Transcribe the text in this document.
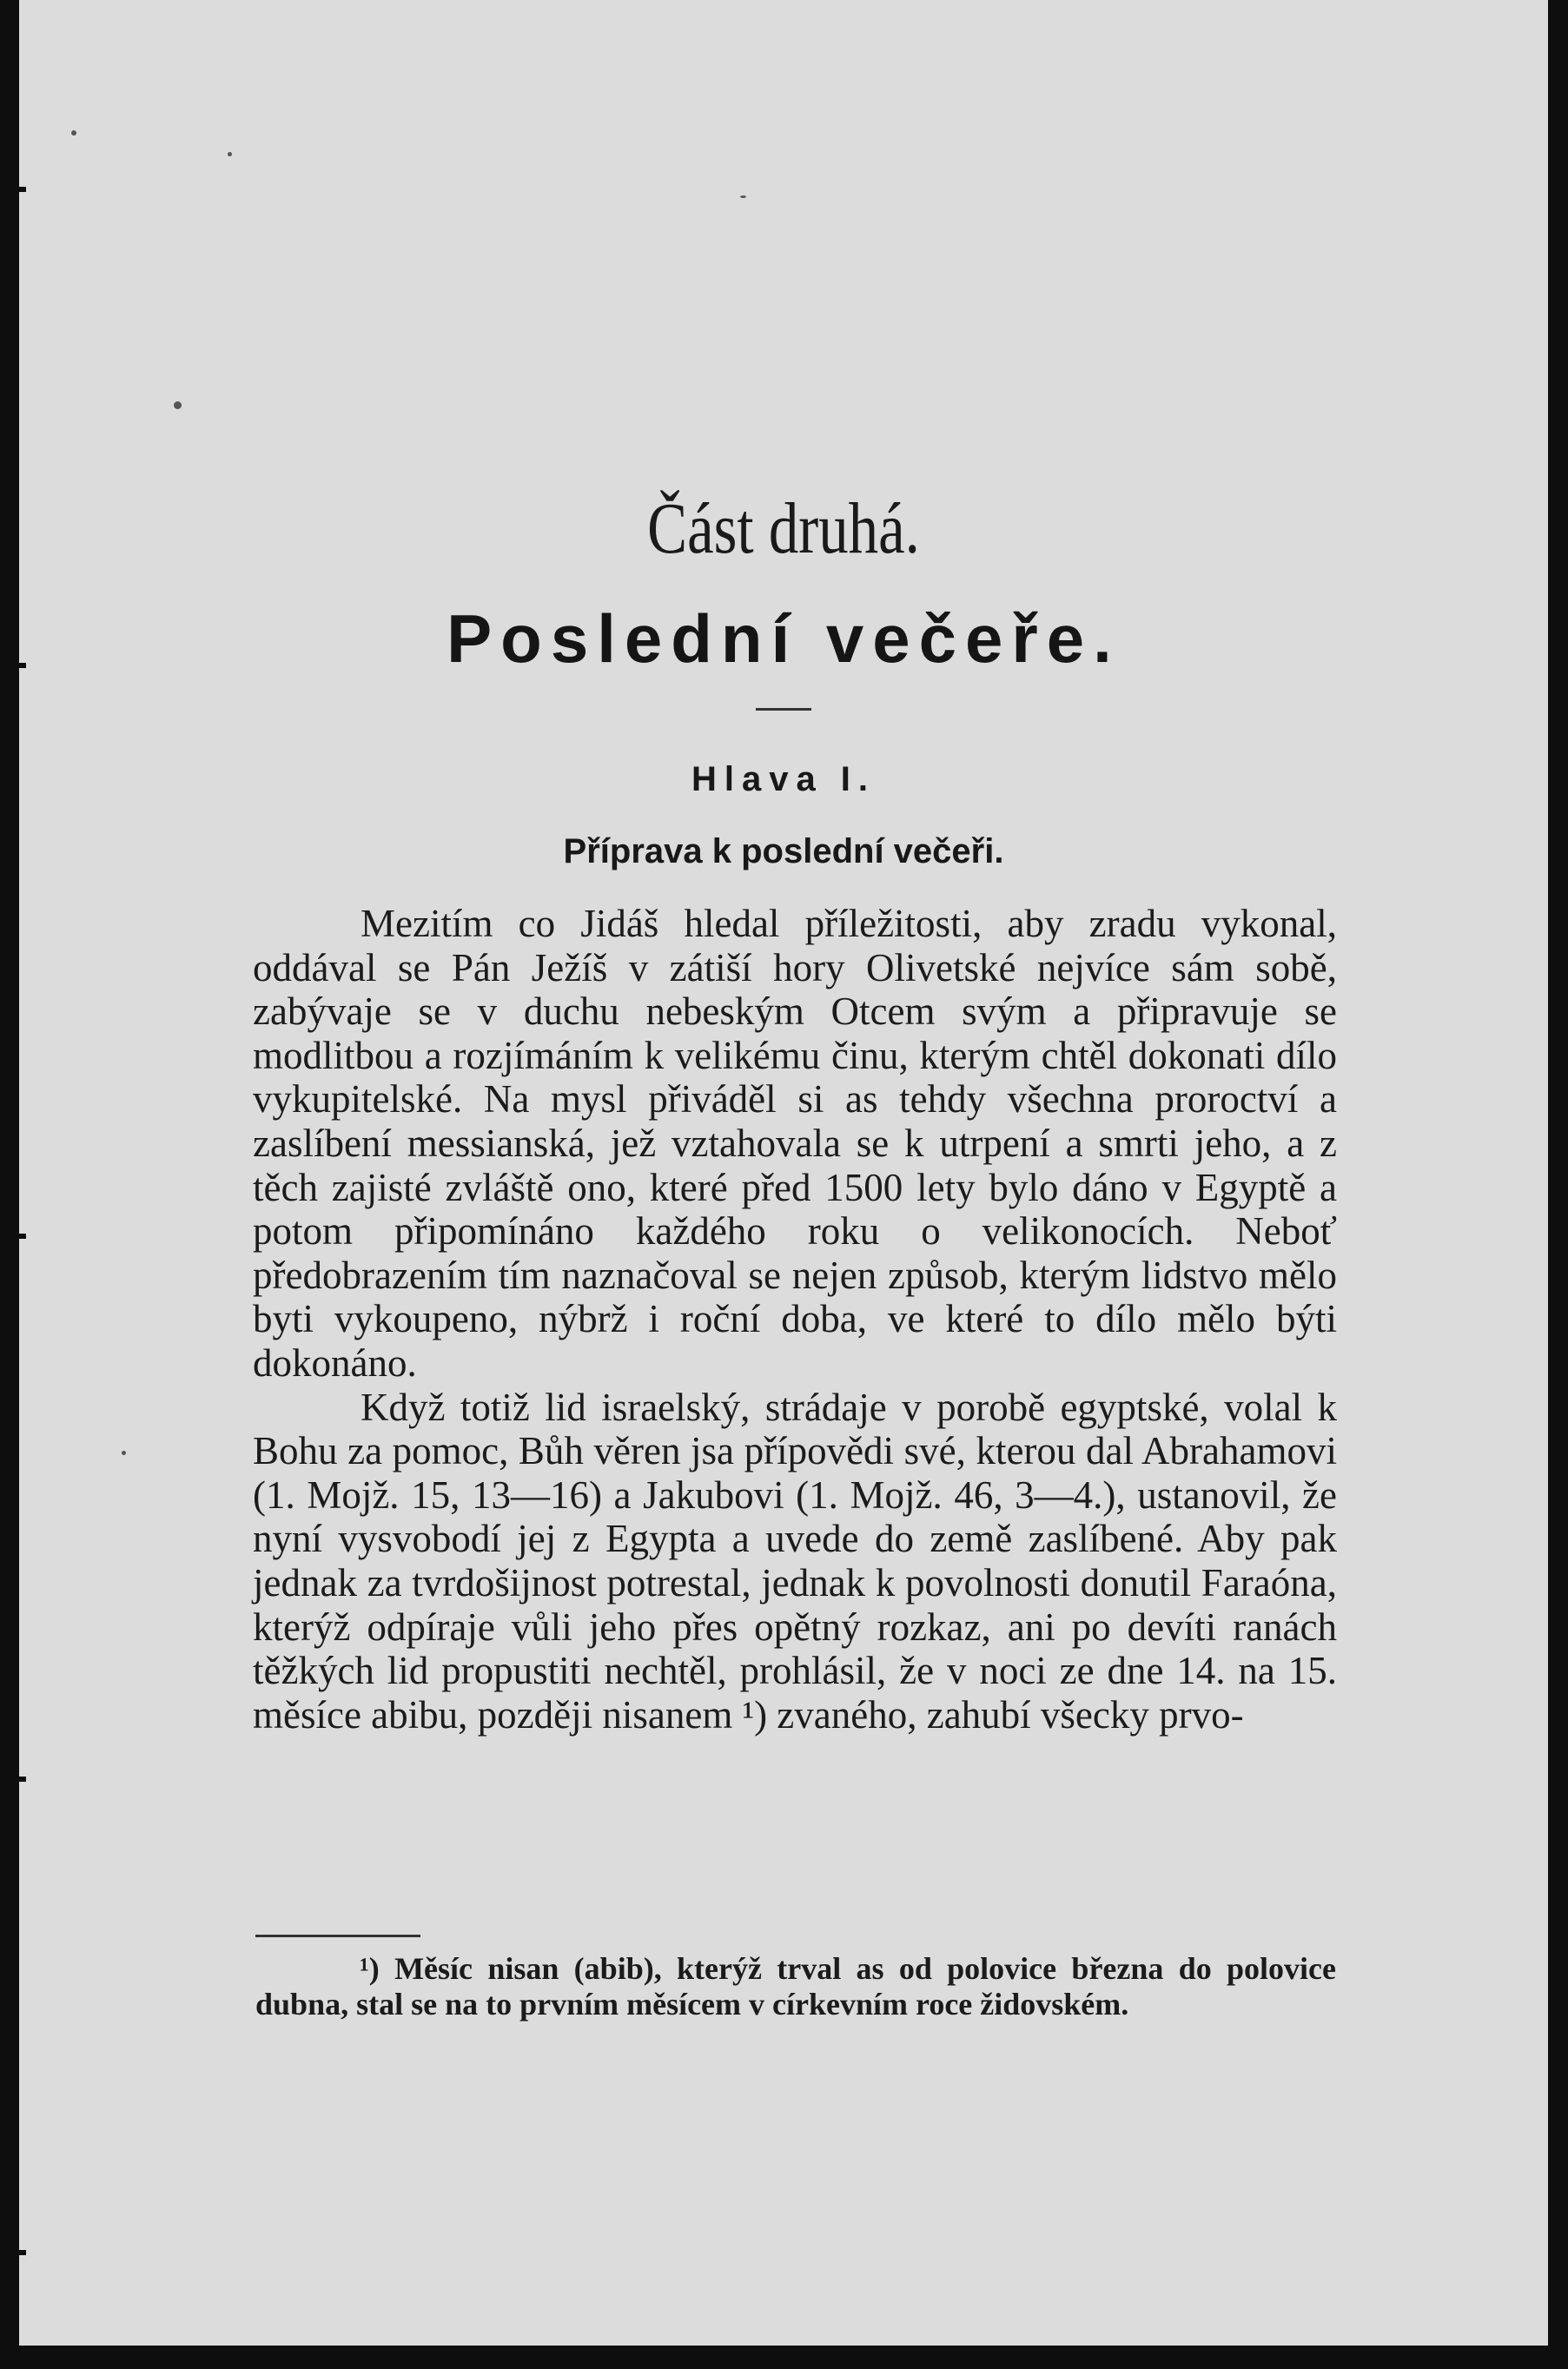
Část druhá.
Poslední večeře.
Hlava I.
Příprava k poslední večeři.

Mezitím co Jidáš hledal příležitosti, aby zradu vykonal, oddával se Pán Ježíš v zátiší hory Olivetské nejvíce sám sobě, zabývaje se v duchu nebeským Otcem svým a připravuje se modlitbou a rozjímáním k velikému činu, kterým chtěl dokonati dílo vykupitelské. Na mysl přiváděl si as tehdy všechna proroctví a zaslíbení messianská, jež vztahovala se k utrpení a smrti jeho, a z těch zajisté zvláště ono, které před 1500 lety bylo dáno v Egyptě a potom připomínáno každého roku o velikonocích. Neboť předobrazením tím naznačoval se nejen způsob, kterým lidstvo mělo byti vykoupeno, nýbrž i roční doba, ve které to dílo mělo býti dokonáno.

Když totiž lid israelský, strádaje v porobě egyptské, volal k Bohu za pomoc, Bůh věren jsa přípovědi své, kterou dal Abrahamovi (1. Mojž. 15, 13—16) a Jakubovi (1. Mojž. 46, 3—4.), ustanovil, že nyní vysvobodí jej z Egypta a uvede do země zaslíbené. Aby pak jednak za tvrdošijnost potrestal, jednak k povolnosti donutil Faraóna, kterýž odpíraje vůli jeho přes opětný rozkaz, ani po devíti ranách těžkých lid propustiti nechtěl, prohlásil, že v noci ze dne 14. na 15. měsíce abibu, později nisanem ¹) zvaného, zahubí všecky prvo-

¹) Měsíc nisan (abib), kterýž trval as od polovice března do polovice dubna, stal se na to prvním měsícem v církevním roce židovském.
